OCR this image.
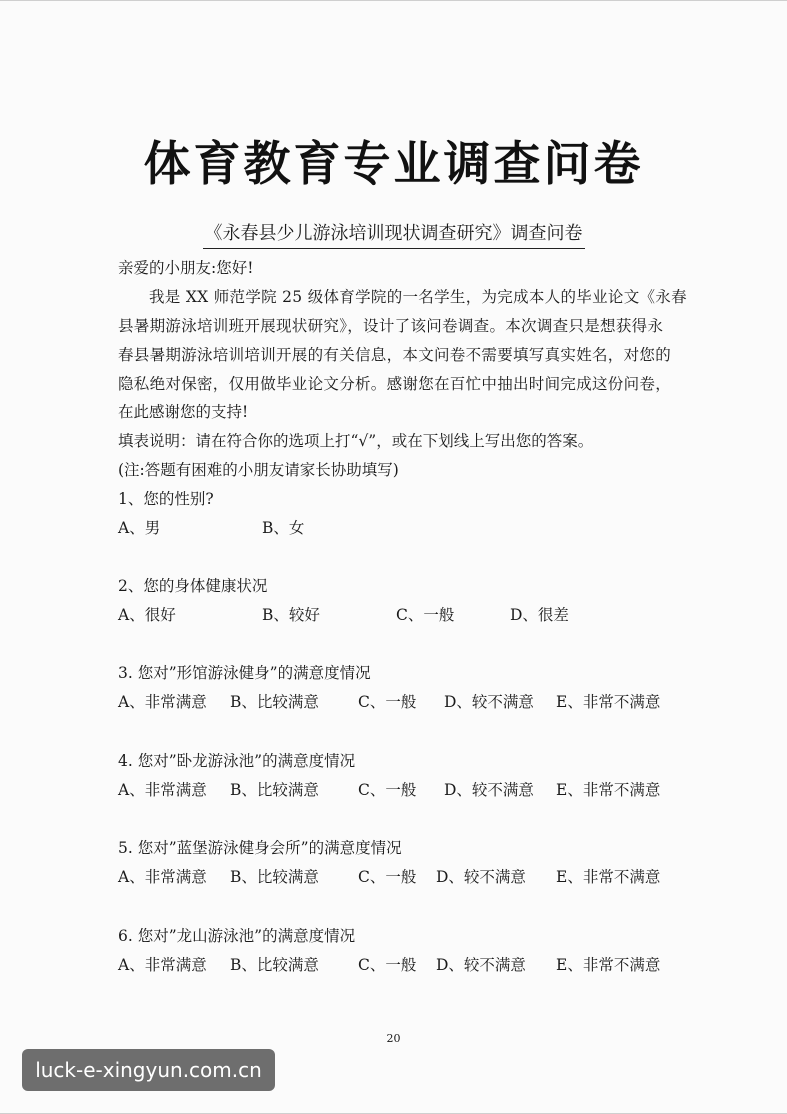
体育教育专业调查问卷
《永春县少儿游泳培训现状调查研究》调查问卷
亲爱的小朋友:您好!
我是 XX 师范学院 25 级体育学院的一名学生，为完成本人的毕业论文《永春
县暑期游泳培训班开展现状研究》，设计了该问卷调查。本次调查只是想获得永
春县暑期游泳培训培训开展的有关信息，本文问卷不需要填写真实姓名，对您的
隐私绝对保密，仅用做毕业论文分析。感谢您在百忙中抽出时间完成这份问卷，
在此感谢您的支持!
填表说明：请在符合你的选项上打“√”，或在下划线上写出您的答案。
(注:答题有困难的小朋友请家长协助填写)
1、您的性别?
A、男	B、女
2、您的身体健康状况
A、很好	B、较好	C、一般	D、很差
3. 您对”形馆游泳健身”的满意度情况
A、非常满意 B、比较满意	C、一般 D、较不满意 E、非常不满意
4. 您对”卧龙游泳池”的满意度情况
A、非常满意 B、比较满意	C、一般 D、较不满意 E、非常不满意
5. 您对”蓝堡游泳健身会所”的满意度情况
A、非常满意 B、比较满意	C、一般 D、较不满意 E、非常不满意
6. 您对”龙山游泳池”的满意度情况
A、非常满意 B、比较满意	C、一般 D、较不满意 E、非常不满意
20
luck-e-xingyun.com.cn
